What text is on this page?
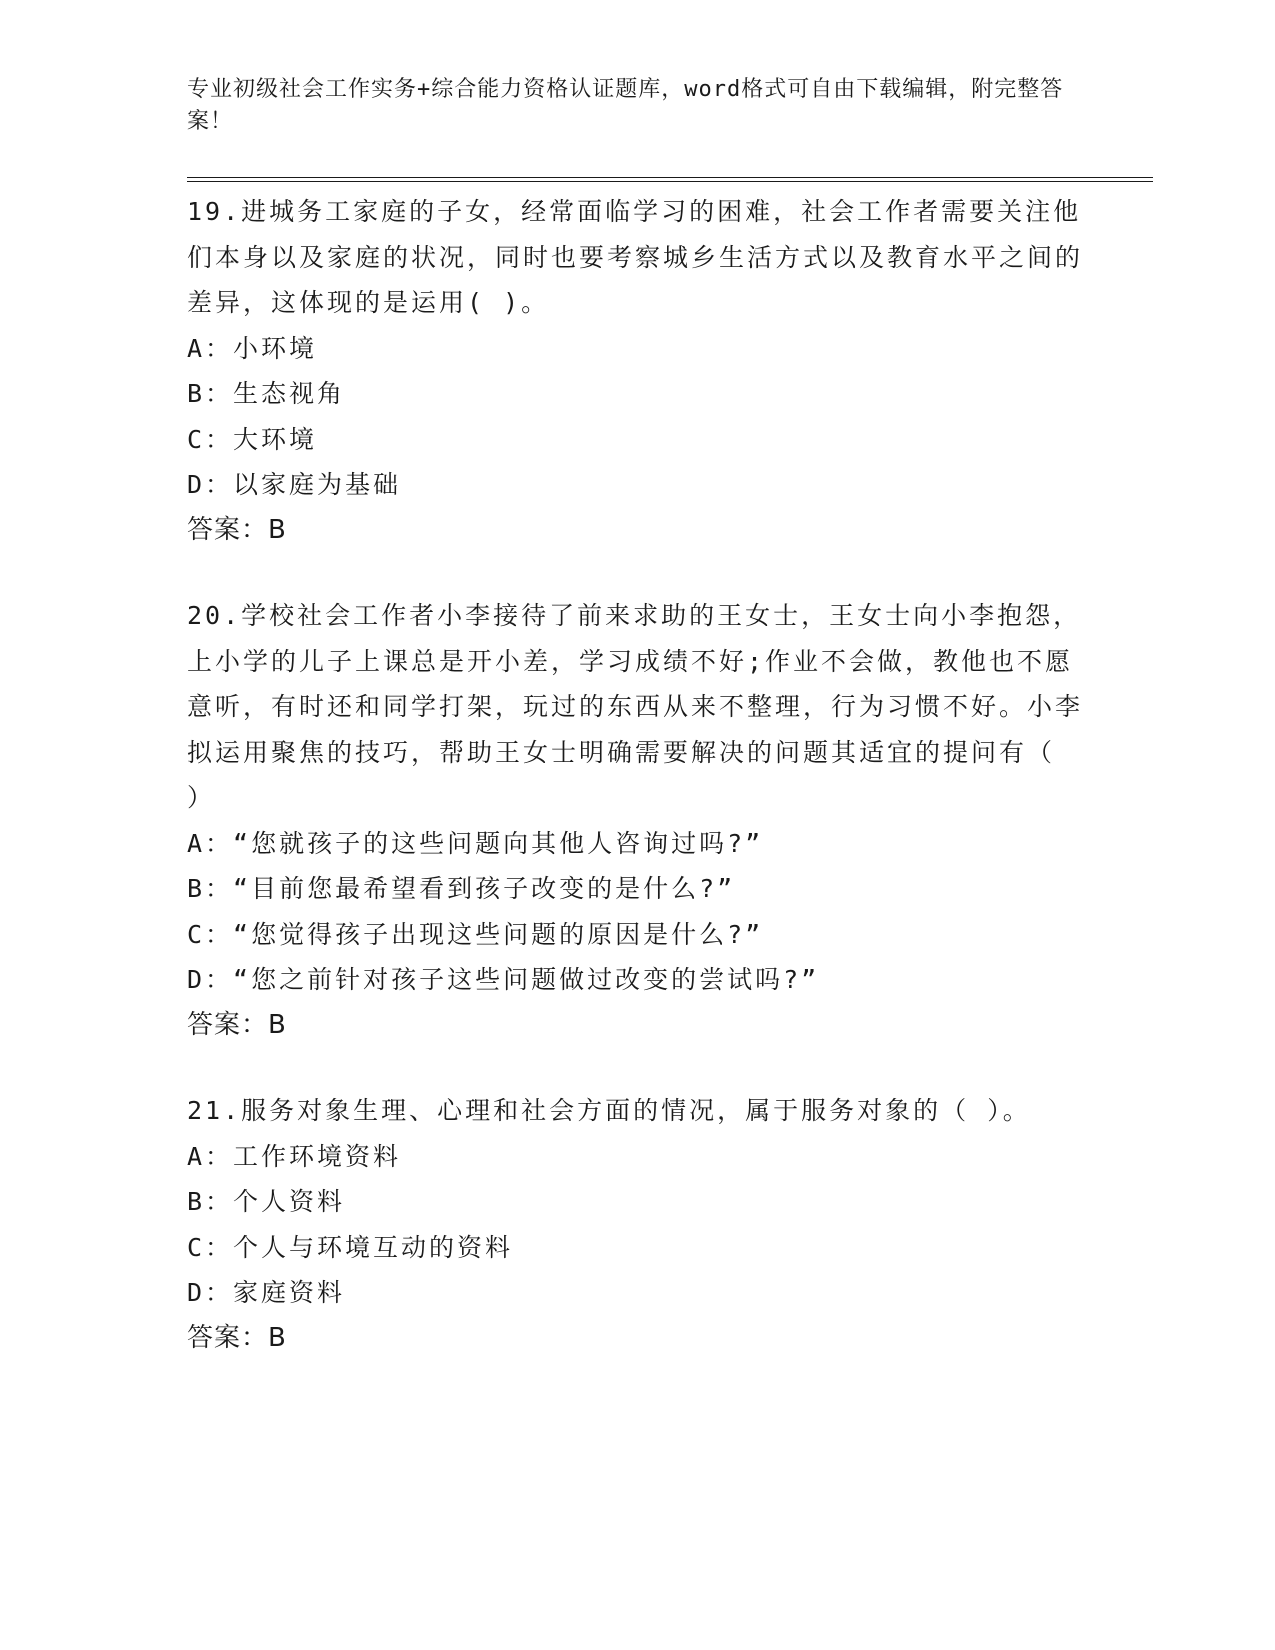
专业初级社会工作实务+综合能力资格认证题库，word格式可自由下载编辑，附完整答案！

19.进城务工家庭的子女，经常面临学习的困难，社会工作者需要关注他们本身以及家庭的状况，同时也要考察城乡生活方式以及教育水平之间的差异，这体现的是运用( )。

A：小环境

B：生态视角

C：大环境

D：以家庭为基础

答案：B

20.学校社会工作者小李接待了前来求助的王女士，王女士向小李抱怨，上小学的儿子上课总是开小差，学习成绩不好;作业不会做，教他也不愿意听，有时还和同学打架，玩过的东西从来不整理，行为习惯不好。小李拟运用聚焦的技巧，帮助王女士明确需要解决的问题其适宜的提问有（ ）

A：“您就孩子的这些问题向其他人咨询过吗?”

B：“目前您最希望看到孩子改变的是什么?”

C：“您觉得孩子出现这些问题的原因是什么?”

D：“您之前针对孩子这些问题做过改变的尝试吗?”

答案：B

21.服务对象生理、心理和社会方面的情况，属于服务对象的（ ）。

A：工作环境资料

B：个人资料

C：个人与环境互动的资料

D：家庭资料

答案：B
